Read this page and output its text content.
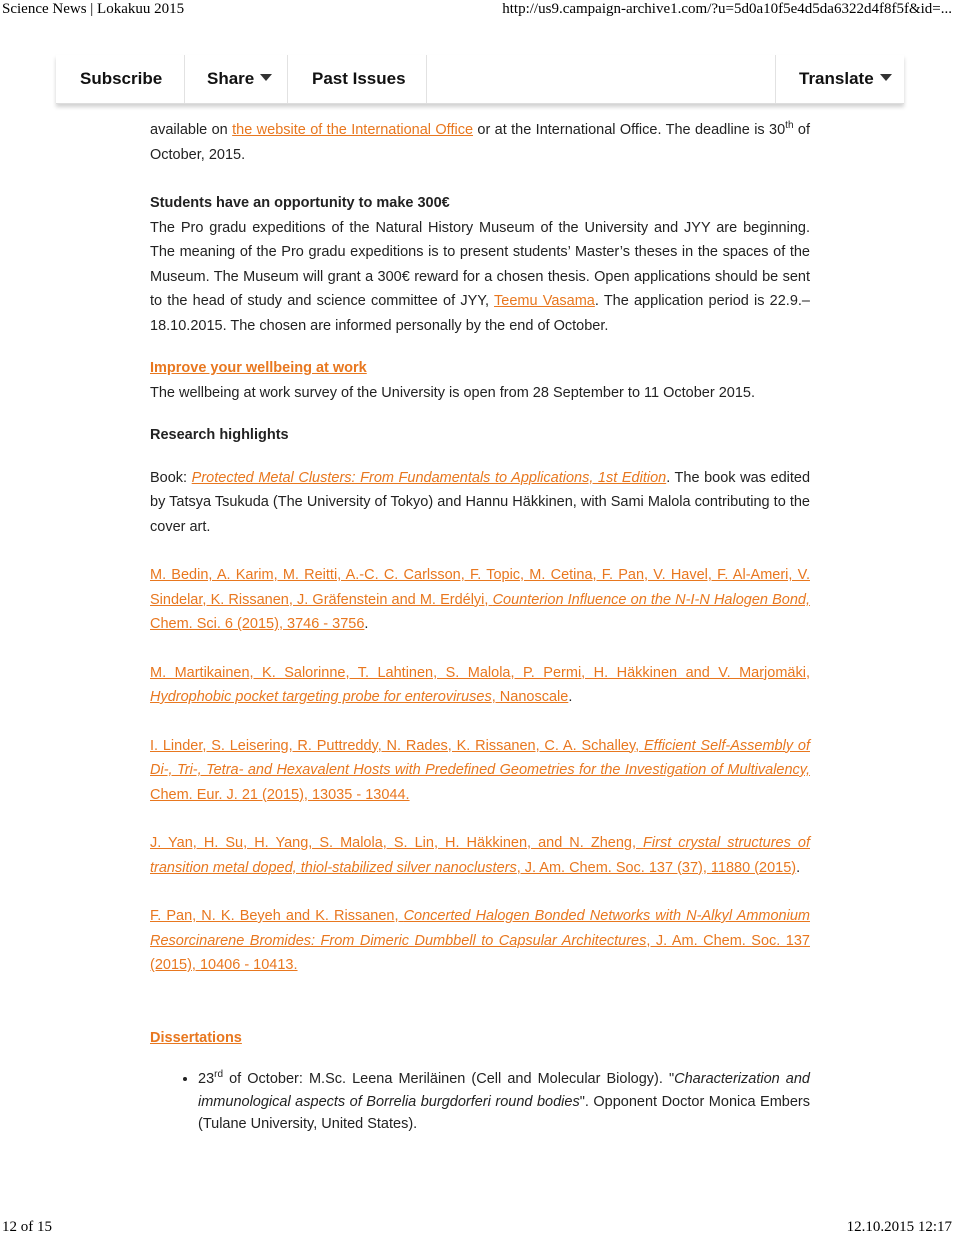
Science News | Lokakuu 2015	http://us9.campaign-archive1.com/?u=5d0a10f5e4d5da6322d4f8f5f&id=...
Subscribe	Share	Past Issues	Translate

available on the website of the International Office or at the International Office. The deadline is 30th of October, 2015.

Students have an opportunity to make 300€

The Pro gradu expeditions of the Natural History Museum of the University and JYY are beginning. The meaning of the Pro gradu expeditions is to present students’ Master’s theses in the spaces of the Museum. The Museum will grant a 300€ reward for a chosen thesis. Open applications should be sent to the head of study and science committee of JYY, Teemu Vasama. The application period is 22.9.–18.10.2015. The chosen are informed personally by the end of October.

Improve your wellbeing at work

The wellbeing at work survey of the University is open from 28 September to 11 October 2015.

Research highlights

Book: Protected Metal Clusters: From Fundamentals to Applications, 1st Edition. The book was edited by Tatsya Tsukuda (The University of Tokyo) and Hannu Häkkinen, with Sami Malola contributing to the cover art.

M. Bedin, A. Karim, M. Reitti, A.-C. C. Carlsson, F. Topic, M. Cetina, F. Pan, V. Havel, F. Al-Ameri, V. Sindelar, K. Rissanen, J. Gräfenstein and M. Erdélyi, Counterion Influence on the N-I-N Halogen Bond, Chem. Sci. 6 (2015), 3746 - 3756.

M. Martikainen, K. Salorinne, T. Lahtinen, S. Malola, P. Permi, H. Häkkinen and V. Marjomäki, Hydrophobic pocket targeting probe for enteroviruses, Nanoscale.

I. Linder, S. Leisering, R. Puttreddy, N. Rades, K. Rissanen, C. A. Schalley, Efficient Self-Assembly of Di-, Tri-, Tetra- and Hexavalent Hosts with Predefined Geometries for the Investigation of Multivalency, Chem. Eur. J. 21 (2015), 13035 - 13044.

J. Yan, H. Su, H. Yang, S. Malola, S. Lin, H. Häkkinen, and N. Zheng, First crystal structures of transition metal doped, thiol-stabilized silver nanoclusters, J. Am. Chem. Soc. 137 (37), 11880 (2015).

F. Pan, N. K. Beyeh and K. Rissanen, Concerted Halogen Bonded Networks with N-Alkyl Ammonium Resorcinarene Bromides: From Dimeric Dumbbell to Capsular Architectures, J. Am. Chem. Soc. 137 (2015), 10406 - 10413.

Dissertations

• 23rd of October: M.Sc. Leena Meriläinen (Cell and Molecular Biology). "Characterization and immunological aspects of Borrelia burgdorferi round bodies". Opponent Doctor Monica Embers (Tulane University, United States).
12 of 15	12.10.2015 12:17
